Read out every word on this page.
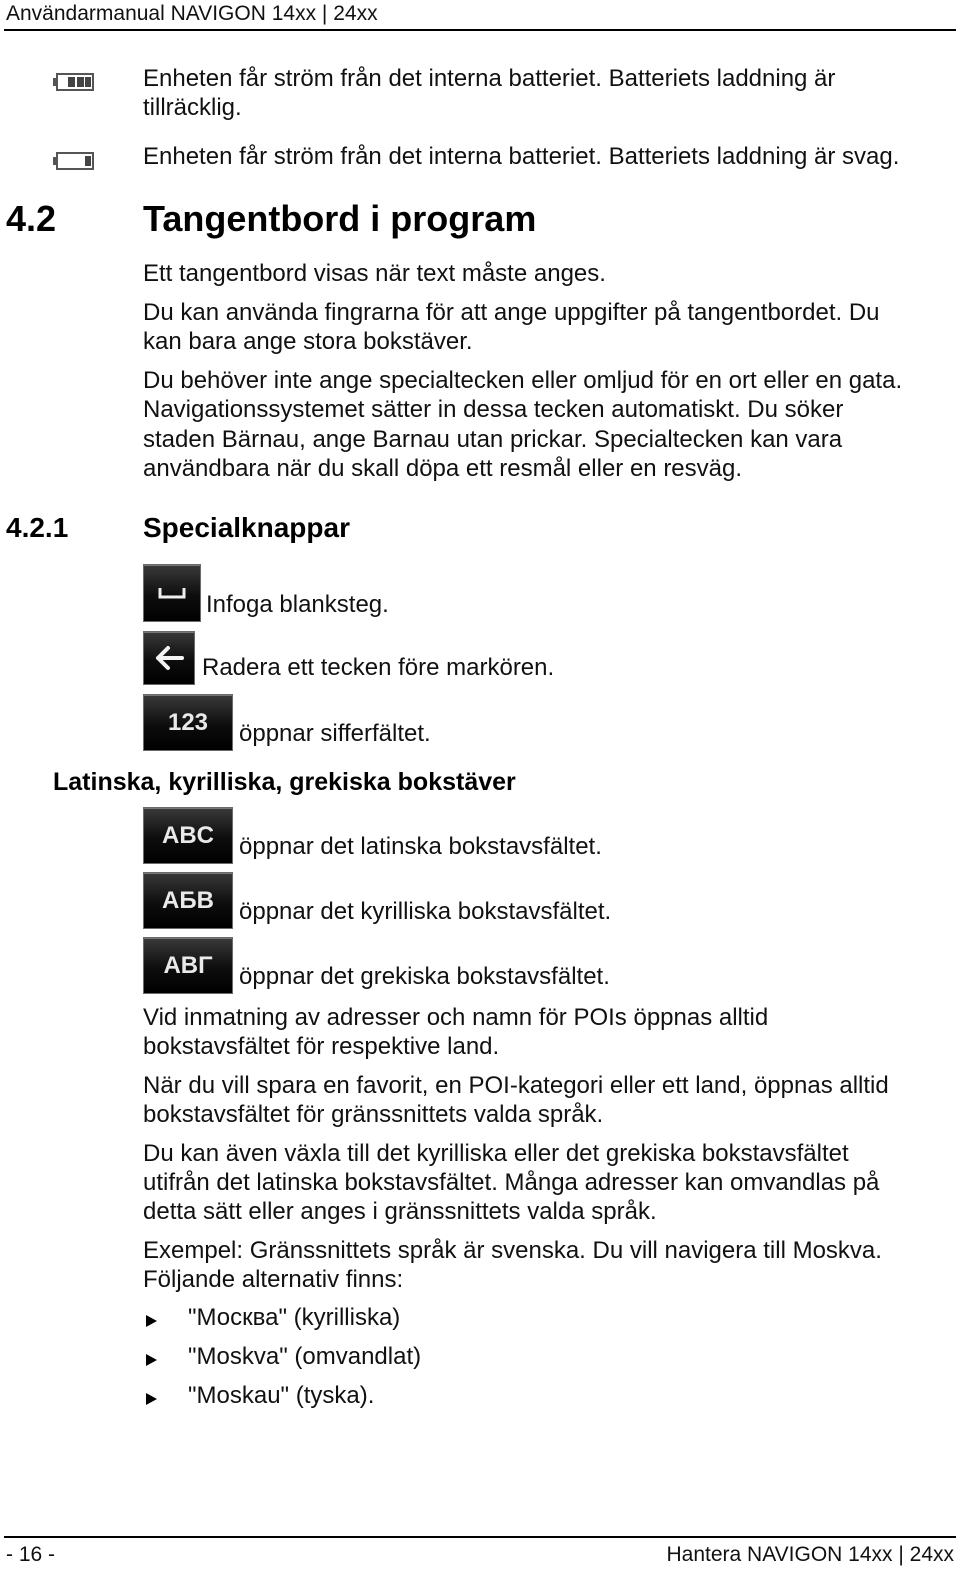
Användarmanual NAVIGON 14xx | 24xx
Enheten får ström från det interna batteriet. Batteriets laddning är
tillräcklig.
Enheten får ström från det interna batteriet. Batteriets laddning är svag.
4.2 Tangentbord i program
Ett tangentbord visas när text måste anges.
Du kan använda fingrarna för att ange uppgifter på tangentbordet. Du
kan bara ange stora bokstäver.
Du behöver inte ange specialtecken eller omljud för en ort eller en gata.
Navigationssystemet sätter in dessa tecken automatiskt. Du söker
staden Bärnau, ange Barnau utan prickar. Specialtecken kan vara
användbara när du skall döpa ett resmål eller en resväg.
4.2.1	Specialknappar
Infoga blanksteg.
Radera ett tecken före markören.
123 öppnar sifferfältet.
Latinska, kyrilliska, grekiska bokstäver
ABC öppnar det latinska bokstavsfältet.
АБВ öppnar det kyrilliska bokstavsfältet.
ΑΒΓ öppnar det grekiska bokstavsfältet.
Vid inmatning av adresser och namn för POIs öppnas alltid
bokstavsfältet för respektive land.
När du vill spara en favorit, en POI-kategori eller ett land, öppnas alltid
bokstavsfältet för gränssnittets valda språk.
Du kan även växla till det kyrilliska eller det grekiska bokstavsfältet
utifrån det latinska bokstavsfältet. Många adresser kan omvandlas på
detta sätt eller anges i gränssnittets valda språk.
Exempel: Gränssnittets språk är svenska. Du vill navigera till Moskva.
Följande alternativ finns:
"Москва" (kyrilliska)
"Moskva" (omvandlat)
"Moskau" (tyska).
- 16 -	Hantera NAVIGON 14xx | 24xx
